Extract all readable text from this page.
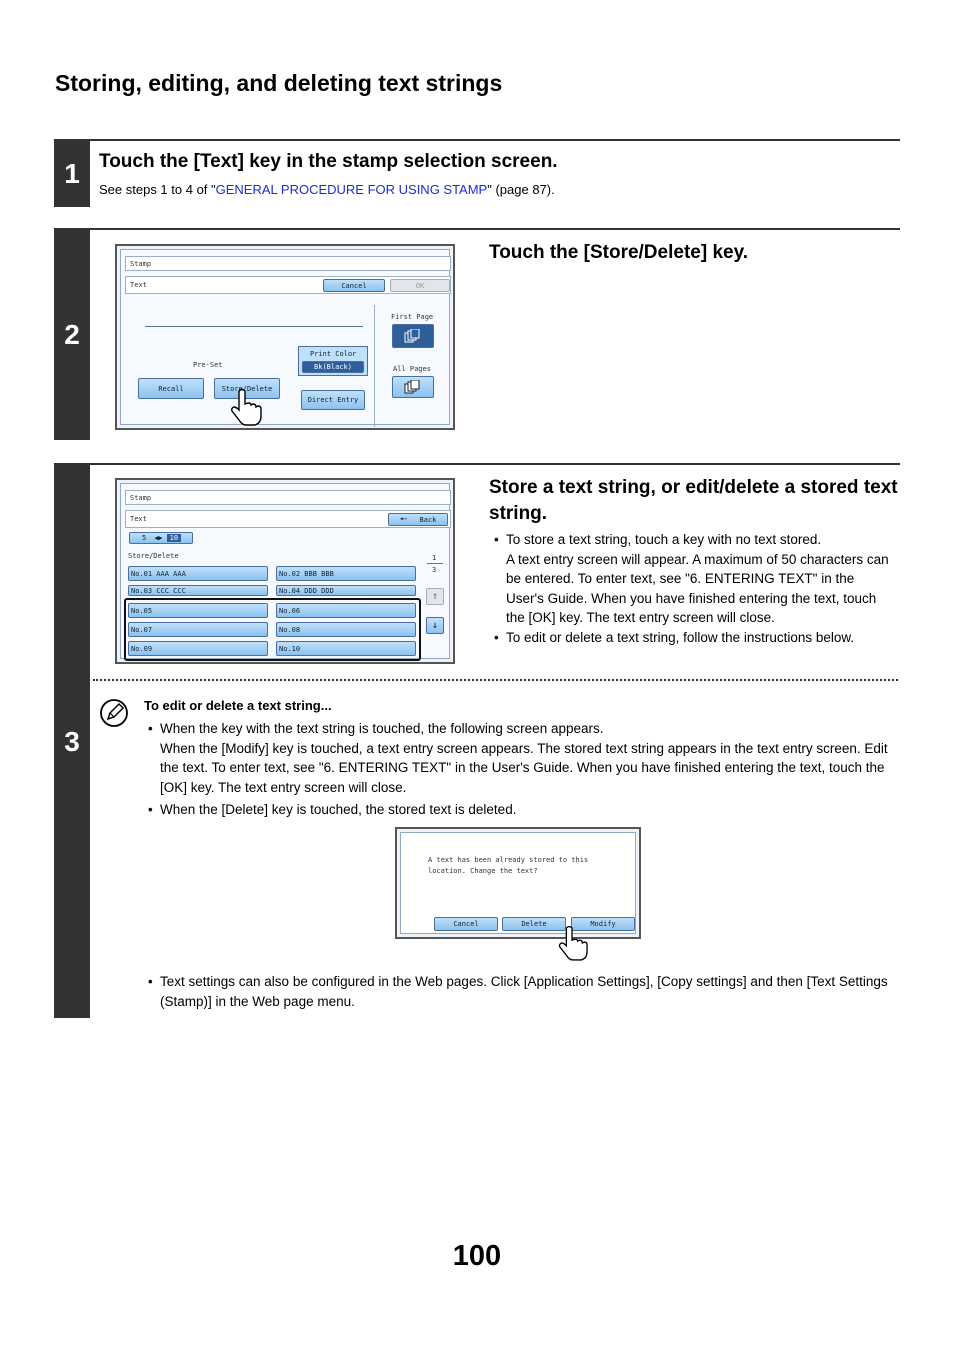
Storing, editing, and deleting text strings
1	Touch the [Text] key in the stamp selection screen.
See steps 1 to 4 of "GENERAL PROCEDURE FOR USING STAMP" (page 87).
2
Touch the [Store/Delete] key.
Stamp
Text	Cancel	OK
First Page
All Pages
Pre-Set
Recall	Store/Delete
Print Color
Bk(Black)
Direct Entry
3
Store a text string, or edit/delete a stored text string.
• To store a text string, touch a key with no text stored.
A text entry screen will appear. A maximum of 50 characters can be entered. To enter text, see "6. ENTERING TEXT" in the User's Guide. When you have finished entering the text, touch the [OK] key. The text entry screen will close.
• To edit or delete a text string, follow the instructions below.
Stamp
Text	🠔 Back
5 ◀▶	10
Store/Delete	1
3
No.01 AAA AAA	No.02 BBB BBB
No.03 CCC CCC	No.04 DDD DDD
No.05	No.06
No.07	No.08
No.09	No.10
↑
↓
To edit or delete a text string...
• When the key with the text string is touched, the following screen appears.
When the [Modify] key is touched, a text entry screen appears. The stored text string appears in the text entry screen. Edit the text. To enter text, see "6. ENTERING TEXT" in the User's Guide. When you have finished entering the text, touch the [OK] key. The text entry screen will close.
• When the [Delete] key is touched, the stored text is deleted.
A text has been already stored to this
location. Change the text?
Cancel	Delete	Modify
• Text settings can also be configured in the Web pages. Click [Application Settings], [Copy settings] and then [Text Settings (Stamp)] in the Web page menu.
100
